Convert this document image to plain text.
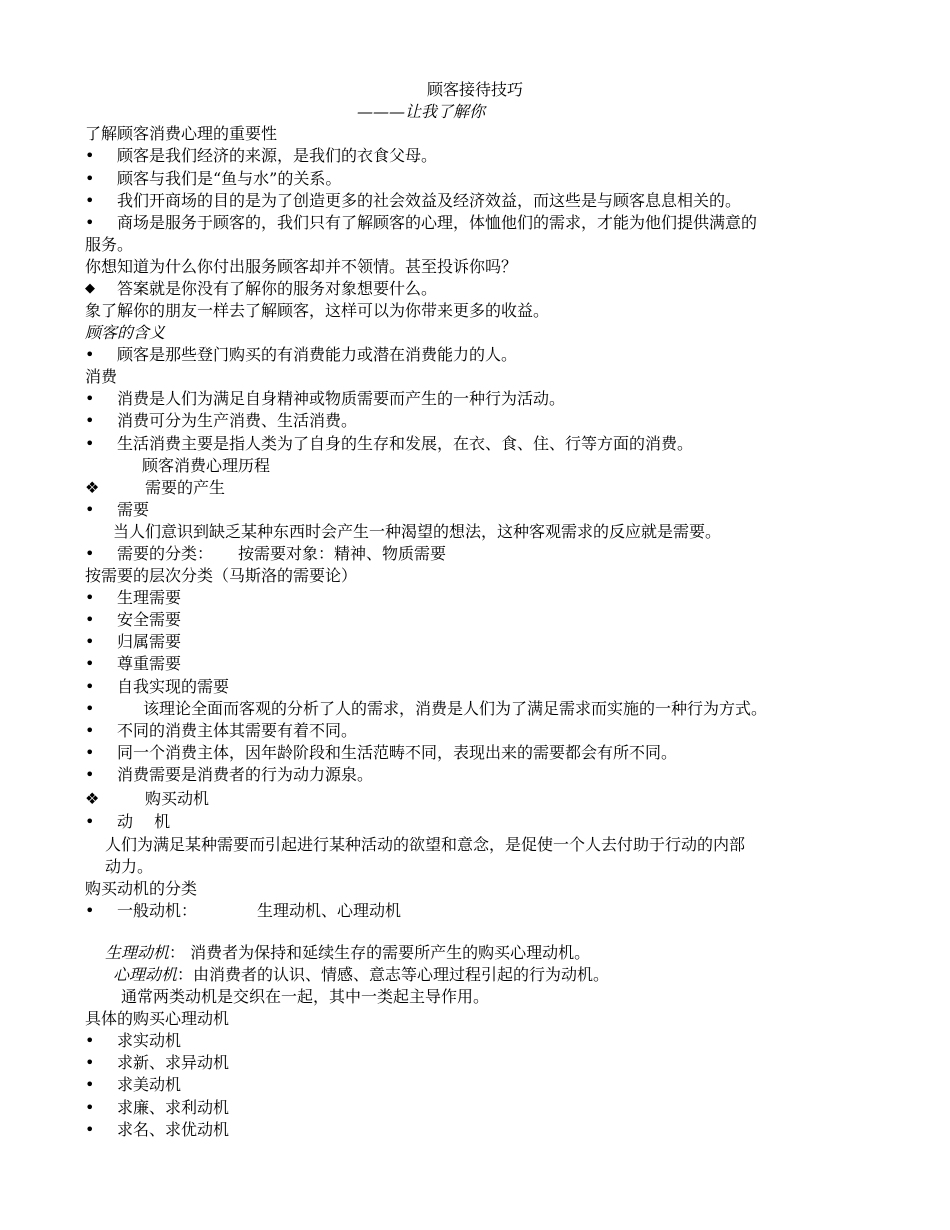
顾客接待技巧
———让我了解你
了解顾客消费心理的重要性
• 顾客是我们经济的来源，是我们的衣食父母。
• 顾客与我们是“鱼与水”的关系。
• 我们开商场的目的是为了创造更多的社会效益及经济效益，而这些是与顾客息息相关的。
• 商场是服务于顾客的，我们只有了解顾客的心理，体恤他们的需求，才能为他们提供满意的
服务。
你想知道为什么你付出服务顾客却并不领情。甚至投诉你吗？
◆ 答案就是你没有了解你的服务对象想要什么。
象了解你的朋友一样去了解顾客，这样可以为你带来更多的收益。
顾客的含义
• 顾客是那些登门购买的有消费能力或潜在消费能力的人。
消费
• 消费是人们为满足自身精神或物质需要而产生的一种行为活动。
• 消费可分为生产消费、生活消费。
• 生活消费主要是指人类为了自身的生存和发展，在衣、食、住、行等方面的消费。
顾客消费心理历程
❖	需要的产生
• 需要
当人们意识到缺乏某种东西时会产生一种渴望的想法，这种客观需求的反应就是需要。
• 需要的分类： 按需要对象：精神、物质需要
按需要的层次分类（马斯洛的需要论）
• 生理需要
• 安全需要
• 归属需要
• 尊重需要
• 自我实现的需要
•	该理论全面而客观的分析了人的需求，消费是人们为了满足需求而实施的一种行为方式。
• 不同的消费主体其需要有着不同。
• 同一个消费主体，因年龄阶段和生活范畴不同，表现出来的需要都会有所不同。
• 消费需要是消费者的行为动力源泉。
❖	购买动机
• 动　 机
人们为满足某种需要而引起进行某种活动的欲望和意念，是促使一个人去付助于行动的内部
动力。
购买动机的分类
• 一般动机：	生理动机、心理动机
生理动机： 消费者为保持和延续生存的需要所产生的购买心理动机。
心理动机：由消费者的认识、情感、意志等心理过程引起的行为动机。
通常两类动机是交织在一起，其中一类起主导作用。
具体的购买心理动机
• 求实动机
• 求新、求异动机
• 求美动机
• 求廉、求利动机
• 求名、求优动机
